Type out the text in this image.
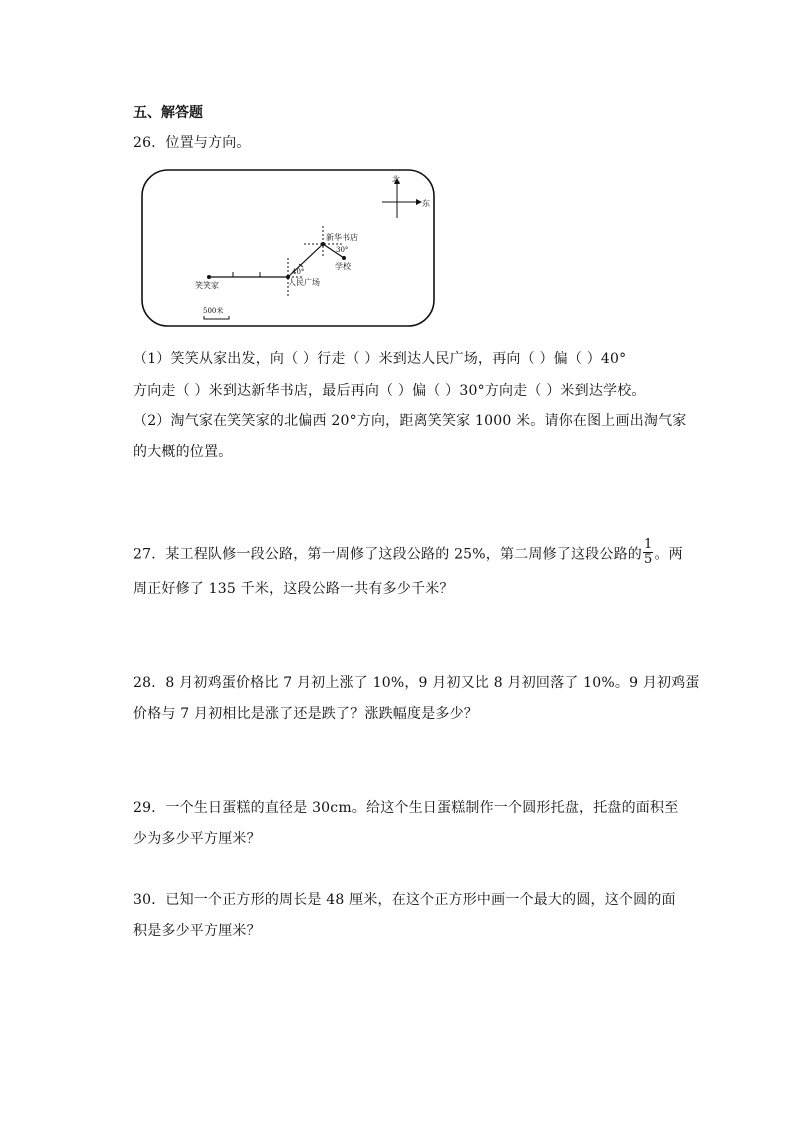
五、解答题
26．位置与方向。
北
东
40°
新华书店
30°
学校
笑笑家	人民广场
500米
（1）笑笑从家出发，向（ ）行走（ ）米到达人民广场，再向（ ）偏（ ）40°
方向走（ ）米到达新华书店，最后再向（ ）偏（ ）30°方向走（ ）米到达学校。
（2）淘气家在笑笑家的北偏西 20°方向，距离笑笑家 1000 米。请你在图上画出淘气家
的大概的位置。
27．某工程队修一段公路，第一周修了这段公路的 25%，第二周修了这段公路的 $\frac{1}{5}$ 。两
周正好修了 135 千米，这段公路一共有多少千米？
28．8 月初鸡蛋价格比 7 月初上涨了 10%，9 月初又比 8 月初回落了 10%。9 月初鸡蛋
价格与 7 月初相比是涨了还是跌了？涨跌幅度是多少？
29．一个生日蛋糕的直径是 30cm。给这个生日蛋糕制作一个圆形托盘，托盘的面积至
少为多少平方厘米？
30．已知一个正方形的周长是 48 厘米，在这个正方形中画一个最大的圆，这个圆的面
积是多少平方厘米？
